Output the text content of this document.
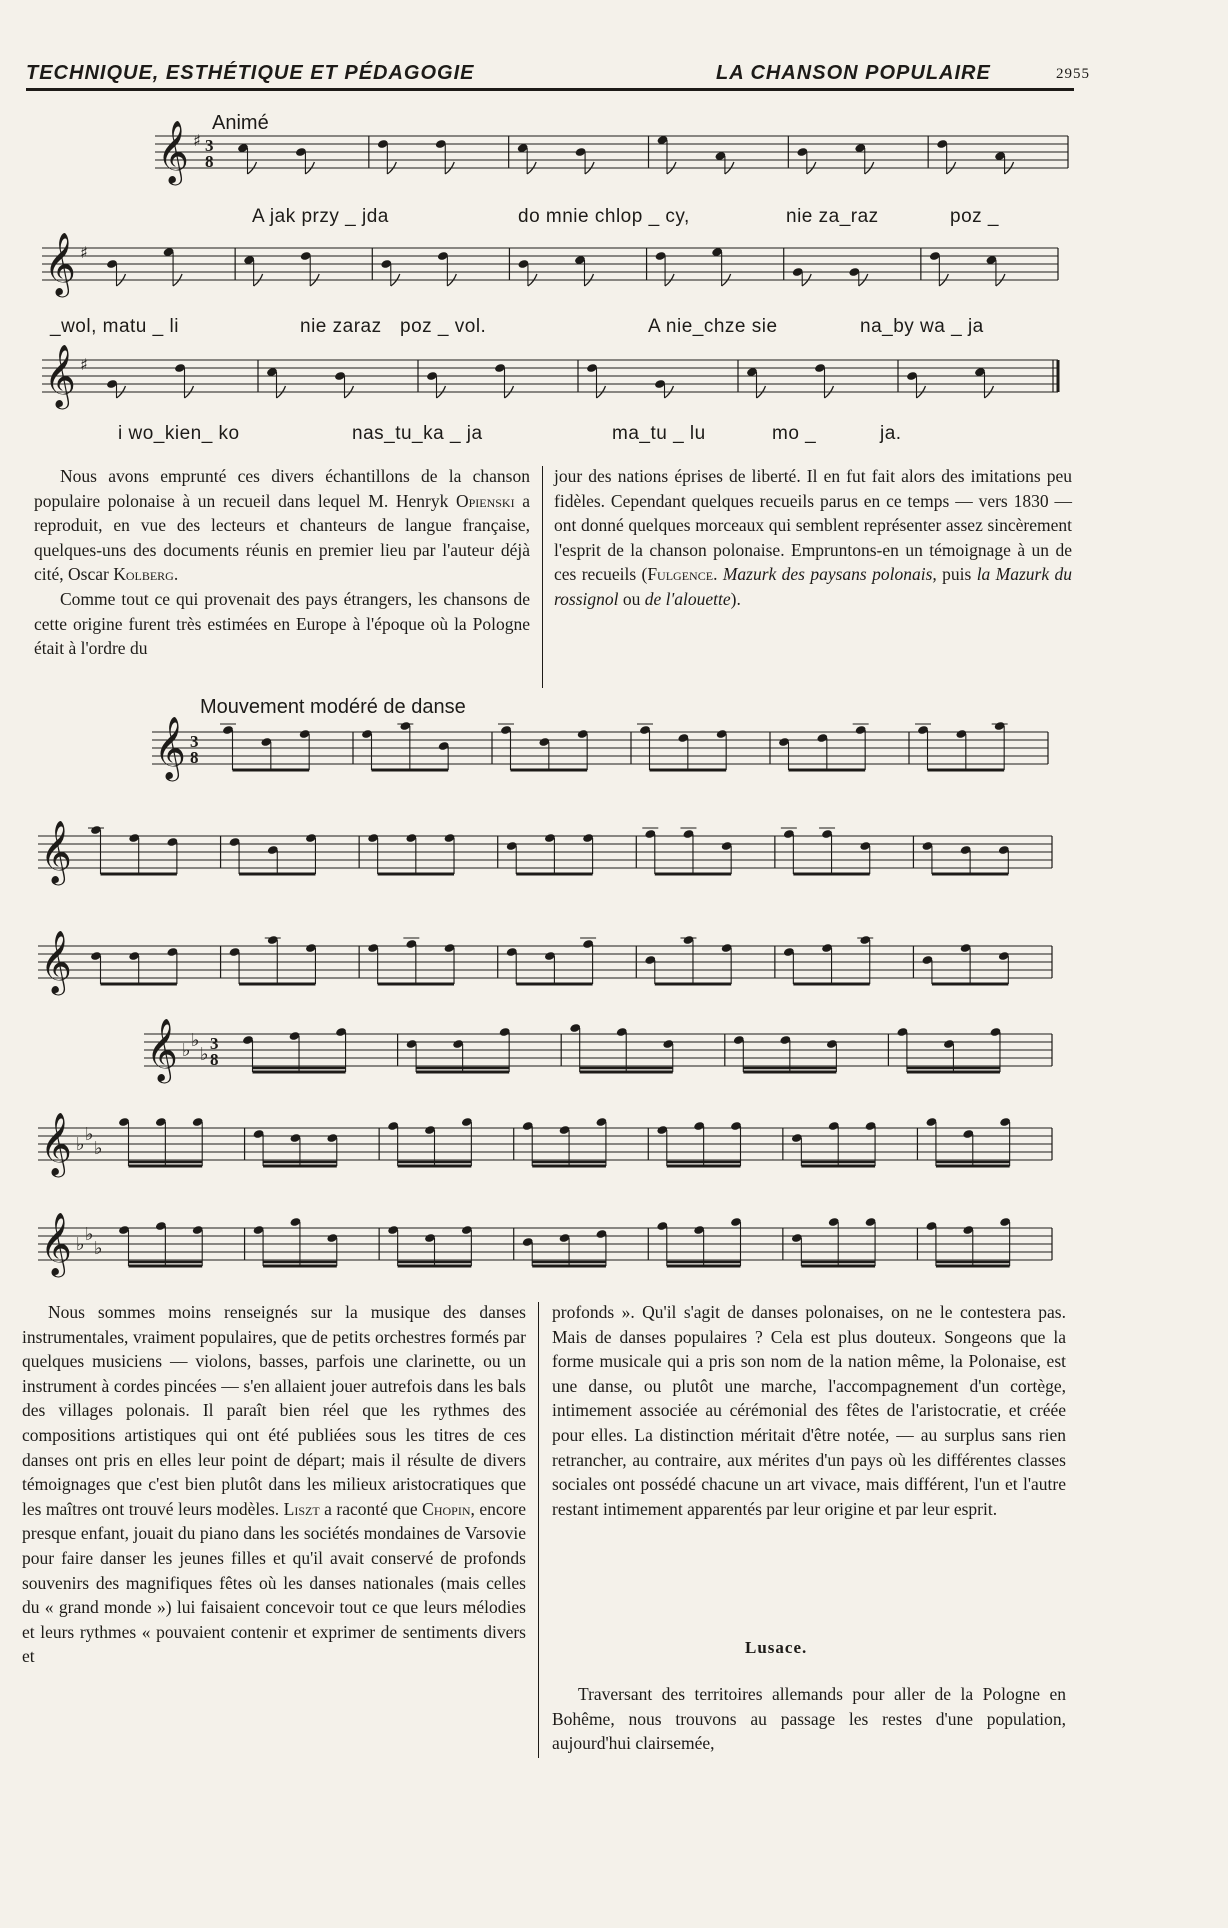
TECHNIQUE, ESTHÉTIQUE ET PÉDAGOGIE	LA CHANSON POPULAIRE	2955
Animé
A jak przy _ jda	do mnie chlop _ cy,	nie za_raz	poz _
_wol, matu _ li	nie zaraz poz _ vol.	A nie_chze sie	na_by wa _ ja
i wo_kien_ ko	nas_tu_ka _ ja	ma_tu _ lu	mo _	ja.
𝄞 ♯ 3
8
𝄞 ♯
𝄞 ♯
𝄞 3
8
𝄞
𝄞
𝄞 ♭ ♭
♭
3
8
𝄞 ♭ ♭
♭
𝄞 ♭ ♭
♭

Nous avons emprunté ces divers échantillons de la chanson populaire polonaise à un recueil dans lequel M. Henryk Opienski a reproduit, en vue des lecteurs et chanteurs de langue française, quelques-uns des documents réunis en premier lieu par l'auteur déjà cité, Oscar Kolberg.

Comme tout ce qui provenait des pays étrangers, les chansons de cette origine furent très estimées en Europe à l'époque où la Pologne était à l'ordre du

jour des nations éprises de liberté. Il en fut fait alors des imitations peu fidèles. Cependant quelques recueils parus en ce temps — vers 1830 — ont donné quelques morceaux qui semblent représenter assez sincèrement l'esprit de la chanson polonaise. Empruntons-en un témoignage à un de ces recueils (Fulgence. Mazurk des paysans polonais, puis la Mazurk du rossignol ou de l'alouette).

Mouvement modéré de danse

Nous sommes moins renseignés sur la musique des danses instrumentales, vraiment populaires, que de petits orchestres formés par quelques musiciens — violons, basses, parfois une clarinette, ou un instrument à cordes pincées — s'en allaient jouer autrefois dans les bals des villages polonais. Il paraît bien réel que les rythmes des compositions artistiques qui ont été publiées sous les titres de ces danses ont pris en elles leur point de départ; mais il résulte de divers témoignages que c'est bien plutôt dans les milieux aristocratiques que les maîtres ont trouvé leurs modèles. Liszt a raconté que Chopin, encore presque enfant, jouait du piano dans les sociétés mondaines de Varsovie pour faire danser les jeunes filles et qu'il avait conservé de profonds souvenirs des magnifiques fêtes où les danses nationales (mais celles du « grand monde ») lui faisaient concevoir tout ce que leurs mélodies et leurs rythmes « pouvaient contenir et exprimer de sentiments divers et

profonds ». Qu'il s'agit de danses polonaises, on ne le contestera pas. Mais de danses populaires ? Cela est plus douteux. Songeons que la forme musicale qui a pris son nom de la nation même, la Polonaise, est une danse, ou plutôt une marche, l'accompagnement d'un cortège, intimement associée au cérémonial des fêtes de l'aristocratie, et créée pour elles. La distinction méritait d'être notée, — au surplus sans rien retrancher, au contraire, aux mérites d'un pays où les différentes classes sociales ont possédé chacune un art vivace, mais différent, l'un et l'autre restant intimement apparentés par leur origine et par leur esprit.

Lusace.

Traversant des territoires allemands pour aller de la Pologne en Bohême, nous trouvons au passage les restes d'une population, aujourd'hui clairsemée,
